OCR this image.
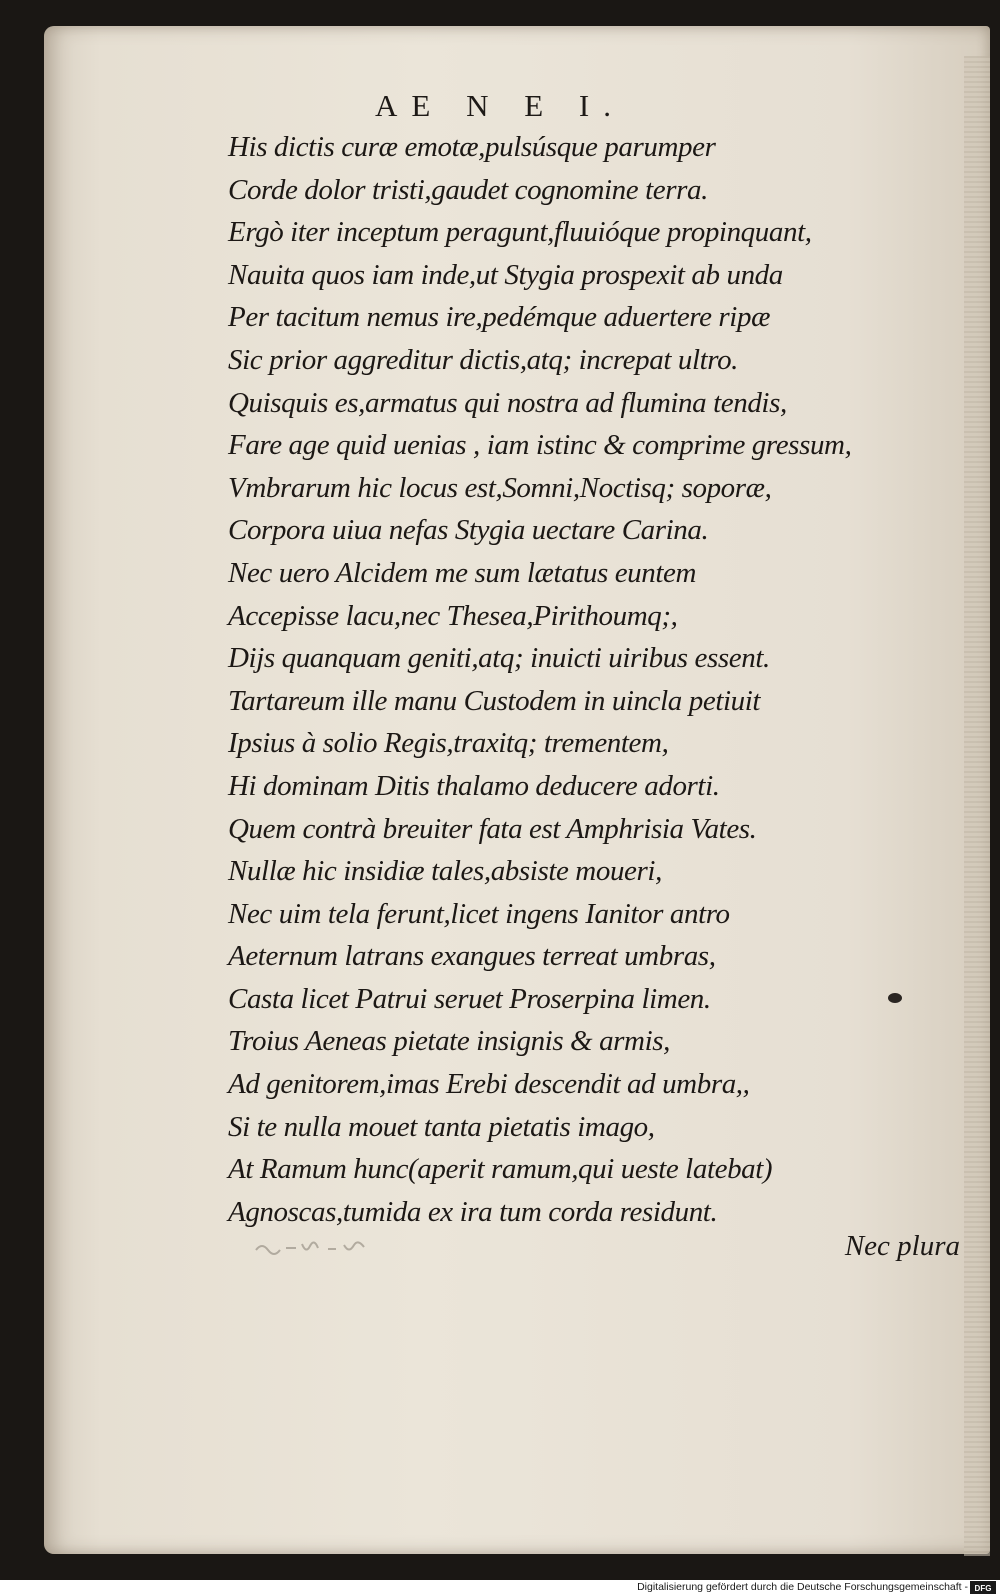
AE N E I.
His dictis curæ emotæ,pulsúsque parumper
Corde dolor tristi,gaudet cognomine terra.
Ergò iter inceptum peragunt,fluuióque propinquant,
Nauita quos iam inde,ut Stygia prospexit ab unda
Per tacitum nemus ire,pedémque aduertere ripæ
Sic prior aggreditur dictis,atq; increpat ultro.
Quisquis es,armatus qui nostra ad flumina tendis,
Fare age quid uenias , iam istinc & comprime gressum,
Vmbrarum hic locus est,Somni,Noctisq; soporæ,
Corpora uiua nefas Stygia uectare Carina.
Nec uero Alcidem me sum lætatus euntem
Accepisse lacu,nec Thesea,Pirithoumq;,
Dijs quanquam geniti,atq; inuicti uiribus essent.
Tartareum ille manu Custodem in uincla petiuit
Ipsius à solio Regis,traxitq; trementem,
Hi dominam Ditis thalamo deducere adorti.
Quem contrà breuiter fata est Amphrisia Vates.
Nullæ hic insidiæ tales,absiste moueri,
Nec uim tela ferunt,licet ingens Ianitor antro
Aeternum latrans exangues terreat umbras,
Casta licet Patrui seruet Proserpina limen.
Troius Aeneas pietate insignis & armis,
Ad genitorem,imas Erebi descendit ad umbra,,
Si te nulla mouet tanta pietatis imago,
At Ramum hunc(aperit ramum,qui ueste latebat)
Agnoscas,tumida ex ira tum corda residunt.
Nec plura
Digitalisierung gefördert durch die Deutsche Forschungsgemeinschaft - DFG
